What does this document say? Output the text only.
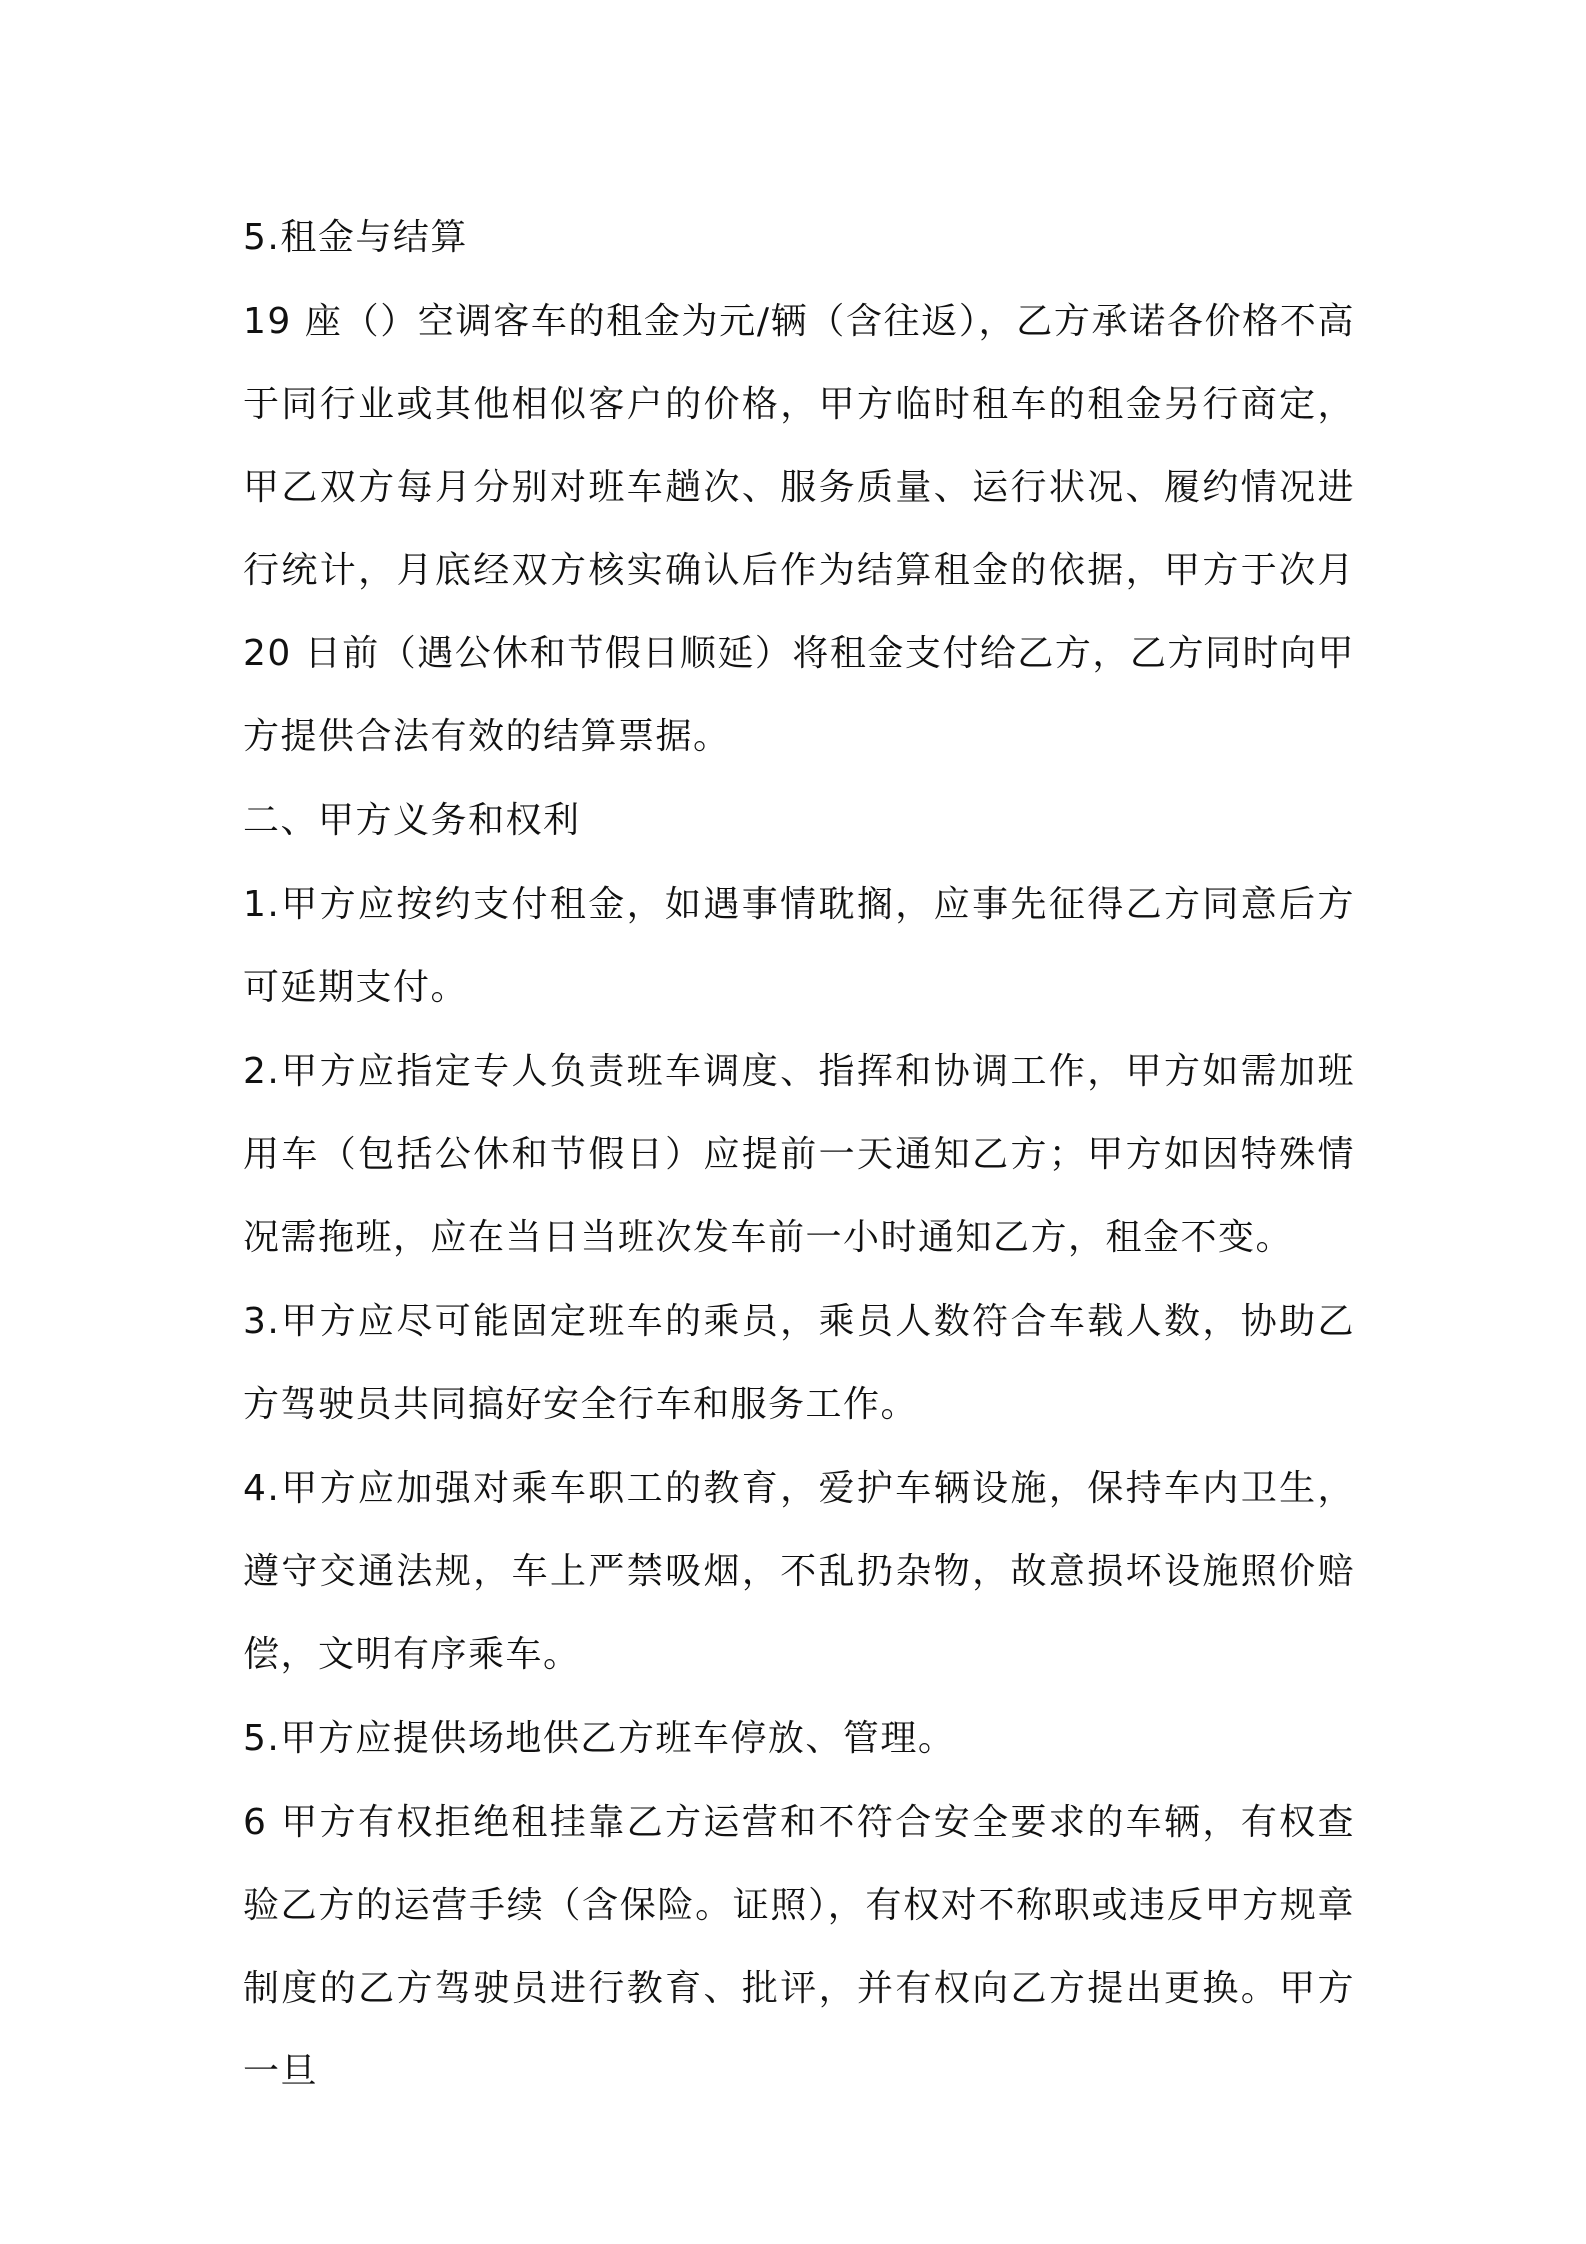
5.租金与结算

19 座（）空调客车的租金为元/辆（含往返），乙方承诺各价格不高于同行业或其他相似客户的价格，甲方临时租车的租金另行商定，甲乙双方每月分别对班车趟次、服务质量、运行状况、履约情况进行统计，月底经双方核实确认后作为结算租金的依据，甲方于次月 20 日前（遇公休和节假日顺延）将租金支付给乙方，乙方同时向甲方提供合法有效的结算票据。

二、甲方义务和权利

1.甲方应按约支付租金，如遇事情耽搁，应事先征得乙方同意后方可延期支付。

2.甲方应指定专人负责班车调度、指挥和协调工作，甲方如需加班用车（包括公休和节假日）应提前一天通知乙方；甲方如因特殊情况需拖班，应在当日当班次发车前一小时通知乙方，租金不变。

3.甲方应尽可能固定班车的乘员，乘员人数符合车载人数，协助乙方驾驶员共同搞好安全行车和服务工作。

4.甲方应加强对乘车职工的教育，爱护车辆设施，保持车内卫生，遵守交通法规，车上严禁吸烟，不乱扔杂物，故意损坏设施照价赔偿，文明有序乘车。

5.甲方应提供场地供乙方班车停放、管理。

6 甲方有权拒绝租挂靠乙方运营和不符合安全要求的车辆，有权查验乙方的运营手续（含保险。证照），有权对不称职或违反甲方规章制度的乙方驾驶员进行教育、批评，并有权向乙方提出更换。甲方一旦
